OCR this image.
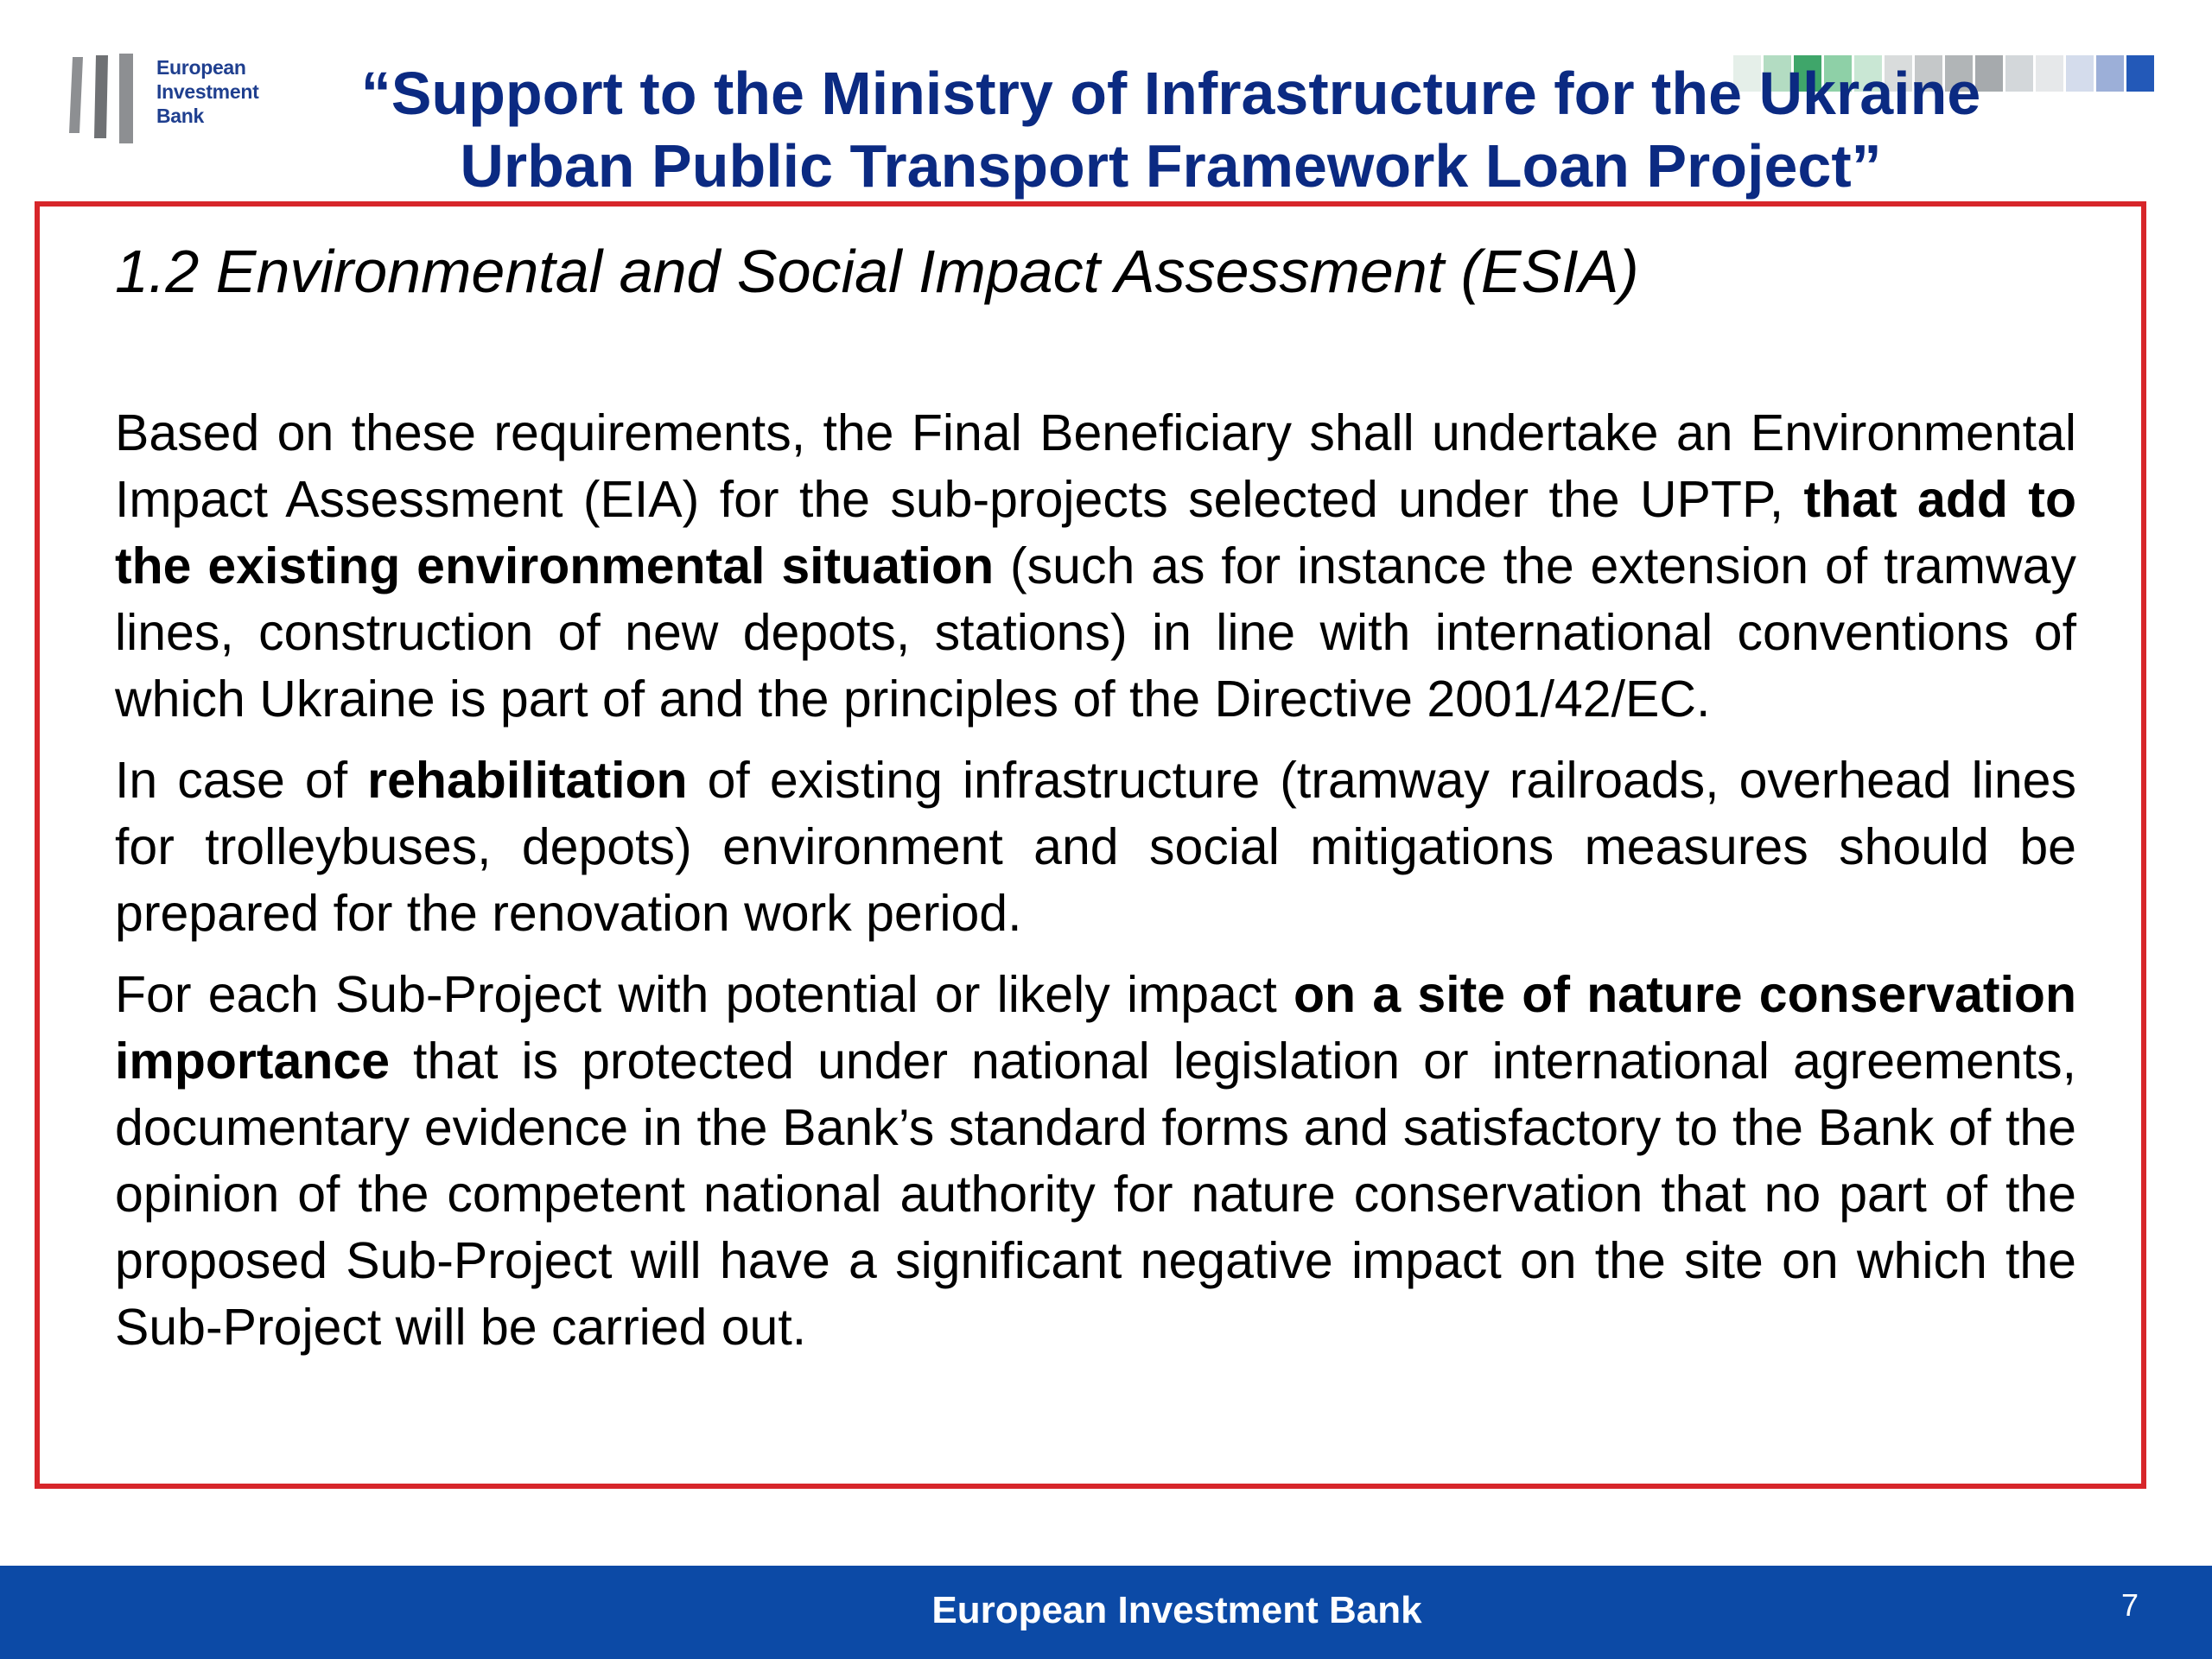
European
Investment
Bank	“Support to the Ministry of Infrastructure for the Ukraine
Urban Public Transport Framework Loan Project”
1.2 Environmental and Social Impact Assessment (ESIA)

Based on these requirements, the Final Beneficiary shall undertake an Environmental Impact Assessment (EIA) for the sub-projects selected under the UPTP, that add to the existing environmental situation (such as for instance the extension of tramway lines, construction of new depots, stations) in line with international conventions of which Ukraine is part of and the principles of the Directive 2001/42/EC.

In case of rehabilitation of existing infrastructure (tramway railroads, overhead lines for trolleybuses, depots) environment and social mitigations measures should be prepared for the renovation work period.

For each Sub-Project with potential or likely impact on a site of nature conservation importance that is protected under national legislation or international agreements, documentary evidence in the Bank’s standard forms and satisfactory to the Bank of the opinion of the competent national authority for nature conservation that no part of the proposed Sub-Project will have a significant negative impact on the site on which the Sub-Project will be carried out.

European Investment Bank	7
